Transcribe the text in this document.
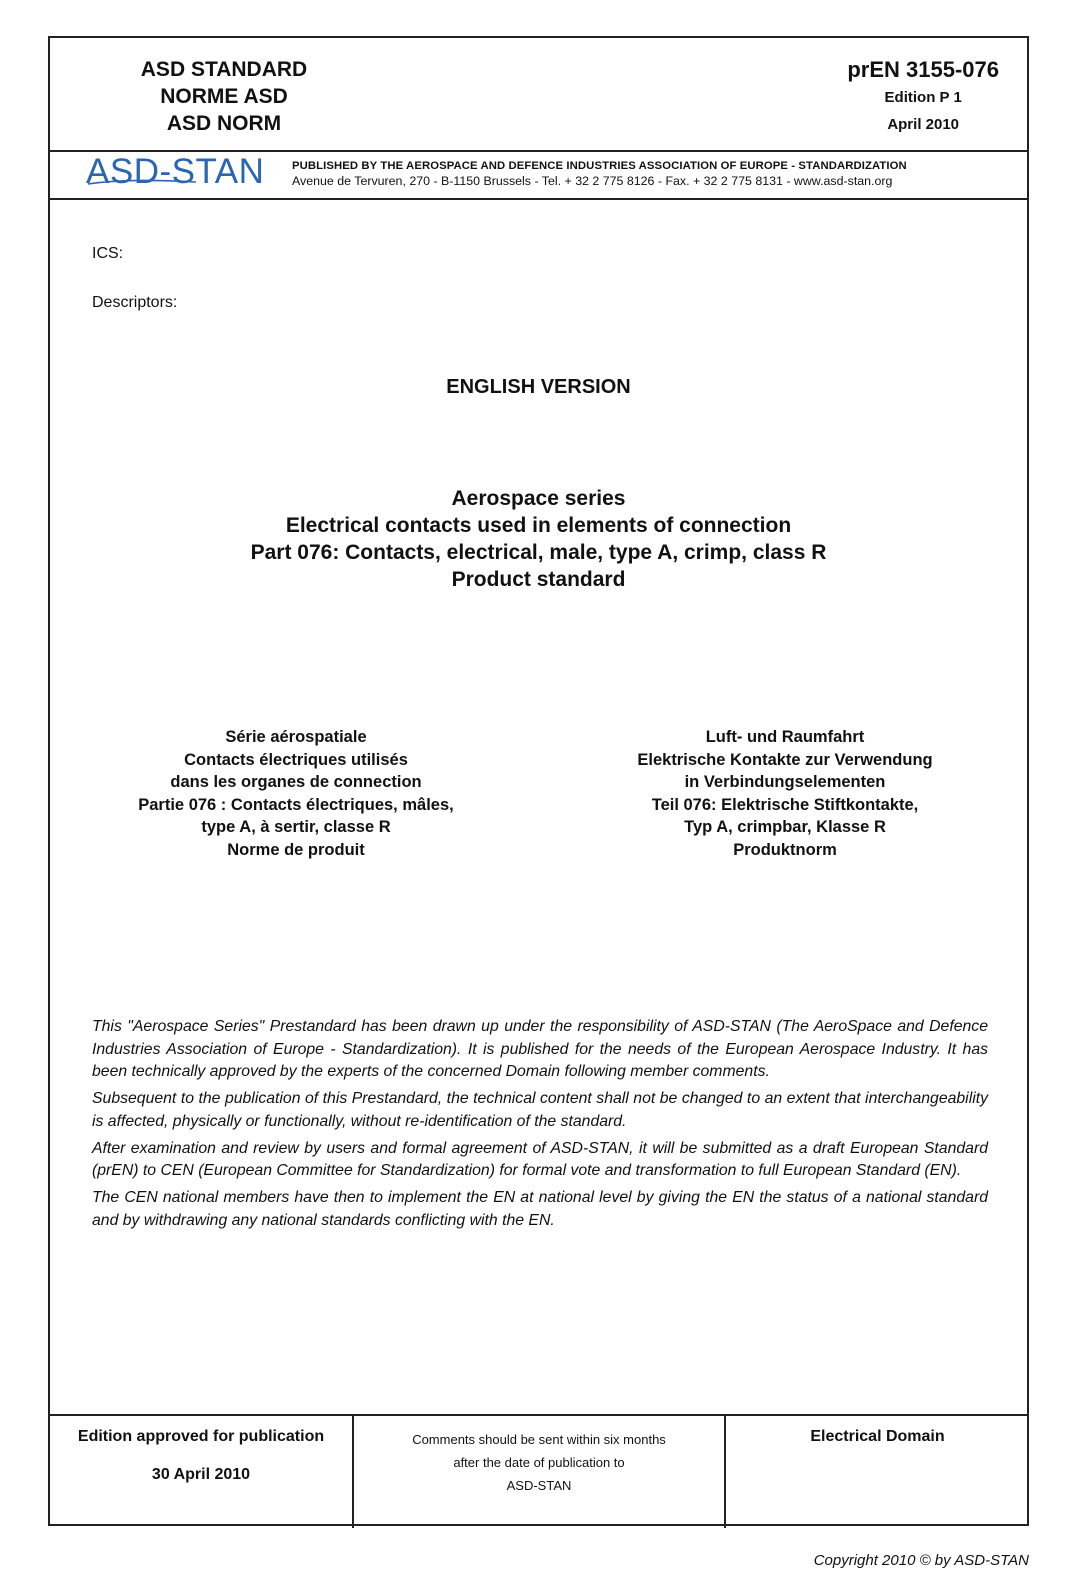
ASD STANDARD
NORME ASD
ASD NORM
prEN 3155-076
Edition P 1
April 2010
ASD-STAN PUBLISHED BY THE AEROSPACE AND DEFENCE INDUSTRIES ASSOCIATION OF EUROPE - STANDARDIZATION
Avenue de Tervuren, 270 - B-1150 Brussels - Tel. + 32 2 775 8126 - Fax. + 32 2 775 8131 - www.asd-stan.org
ICS:
Descriptors:
ENGLISH VERSION
Aerospace series
Electrical contacts used in elements of connection
Part 076: Contacts, electrical, male, type A, crimp, class R
Product standard
Série aérospatiale
Contacts électriques utilisés
dans les organes de connection
Partie 076 : Contacts électriques, mâles,
type A, à sertir, classe R
Norme de produit
Luft- und Raumfahrt
Elektrische Kontakte zur Verwendung
in Verbindungselementen
Teil 076: Elektrische Stiftkontakte,
Typ A, crimpbar, Klasse R
Produktnorm

This "Aerospace Series" Prestandard has been drawn up under the responsibility of ASD-STAN (The AeroSpace and Defence Industries Association of Europe - Standardization). It is published for the needs of the European Aerospace Industry. It has been technically approved by the experts of the concerned Domain following member comments.

Subsequent to the publication of this Prestandard, the technical content shall not be changed to an extent that interchangeability is affected, physically or functionally, without re-identification of the standard.

After examination and review by users and formal agreement of ASD-STAN, it will be submitted as a draft European Standard (prEN) to CEN (European Committee for Standardization) for formal vote and transformation to full European Standard (EN).

The CEN national members have then to implement the EN at national level by giving the EN the status of a national standard and by withdrawing any national standards conflicting with the EN.

Edition approved for publication
30 April 2010
Comments should be sent within six months
after the date of publication to
ASD-STAN
Electrical Domain
Copyright 2010 © by ASD-STAN
